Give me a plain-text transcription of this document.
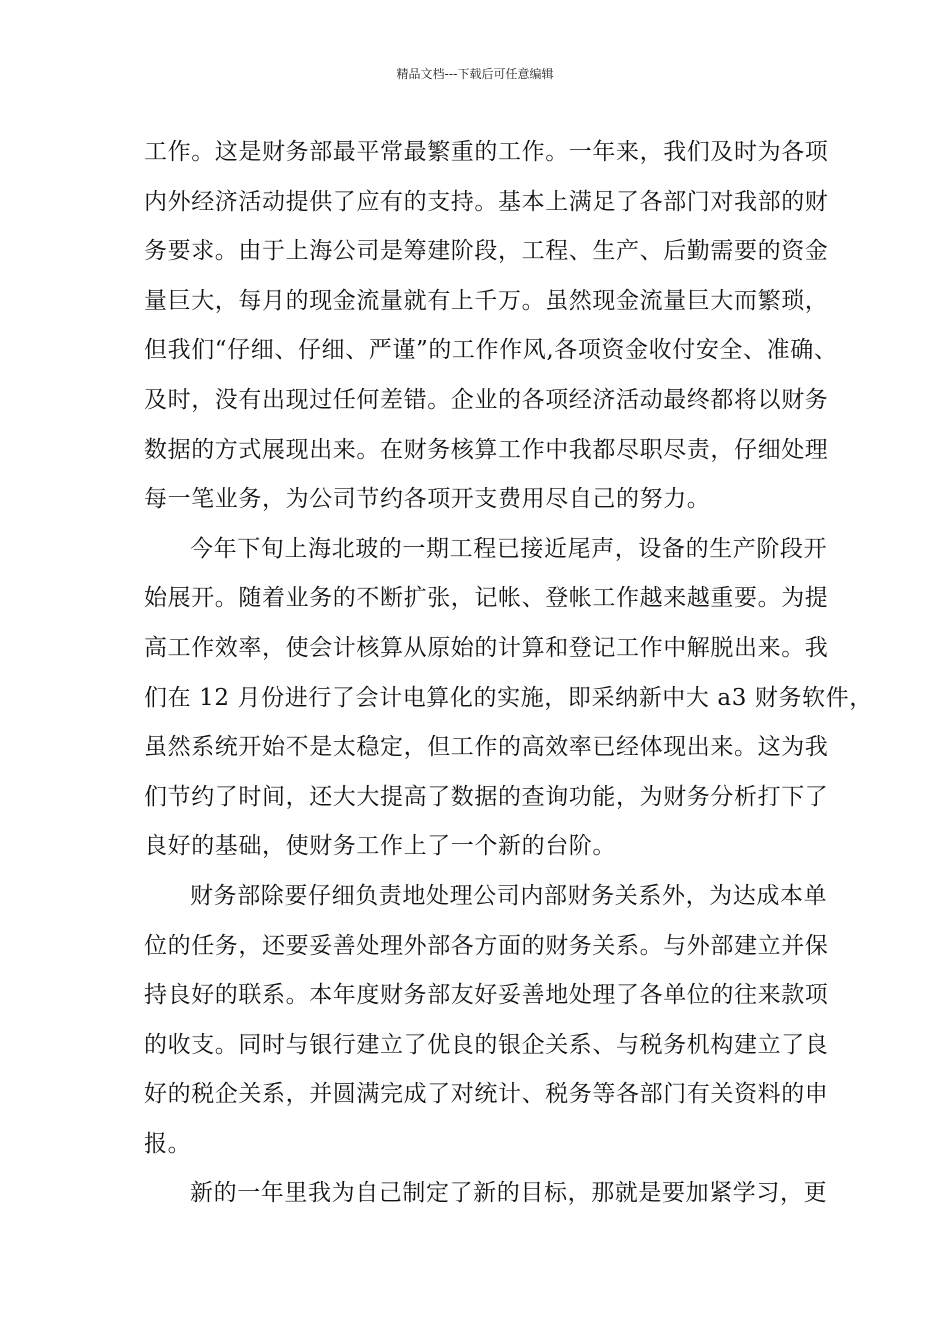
精品文档---下载后可任意编辑
工作。这是财务部最平常最繁重的工作。一年来，我们及时为各项
内外经济活动提供了应有的支持。基本上满足了各部门对我部的财
务要求。由于上海公司是筹建阶段，工程、生产、后勤需要的资金
量巨大，每月的现金流量就有上千万。虽然现金流量巨大而繁琐，
但我们“仔细、仔细、严谨”的工作作风,各项资金收付安全、准确、
及时，没有出现过任何差错。企业的各项经济活动最终都将以财务
数据的方式展现出来。在财务核算工作中我都尽职尽责，仔细处理
每一笔业务，为公司节约各项开支费用尽自己的努力。
今年下旬上海北玻的一期工程已接近尾声，设备的生产阶段开
始展开。随着业务的不断扩张，记帐、登帐工作越来越重要。为提
高工作效率，使会计核算从原始的计算和登记工作中解脱出来。我
们在 12 月份进行了会计电算化的实施，即采纳新中大 a3 财务软件，
虽然系统开始不是太稳定，但工作的高效率已经体现出来。这为我
们节约了时间，还大大提高了数据的查询功能，为财务分析打下了
良好的基础，使财务工作上了一个新的台阶。
财务部除要仔细负责地处理公司内部财务关系外，为达成本单
位的任务，还要妥善处理外部各方面的财务关系。与外部建立并保
持良好的联系。本年度财务部友好妥善地处理了各单位的往来款项
的收支。同时与银行建立了优良的银企关系、与税务机构建立了良
好的税企关系，并圆满完成了对统计、税务等各部门有关资料的申
报。
新的一年里我为自己制定了新的目标，那就是要加紧学习，更
